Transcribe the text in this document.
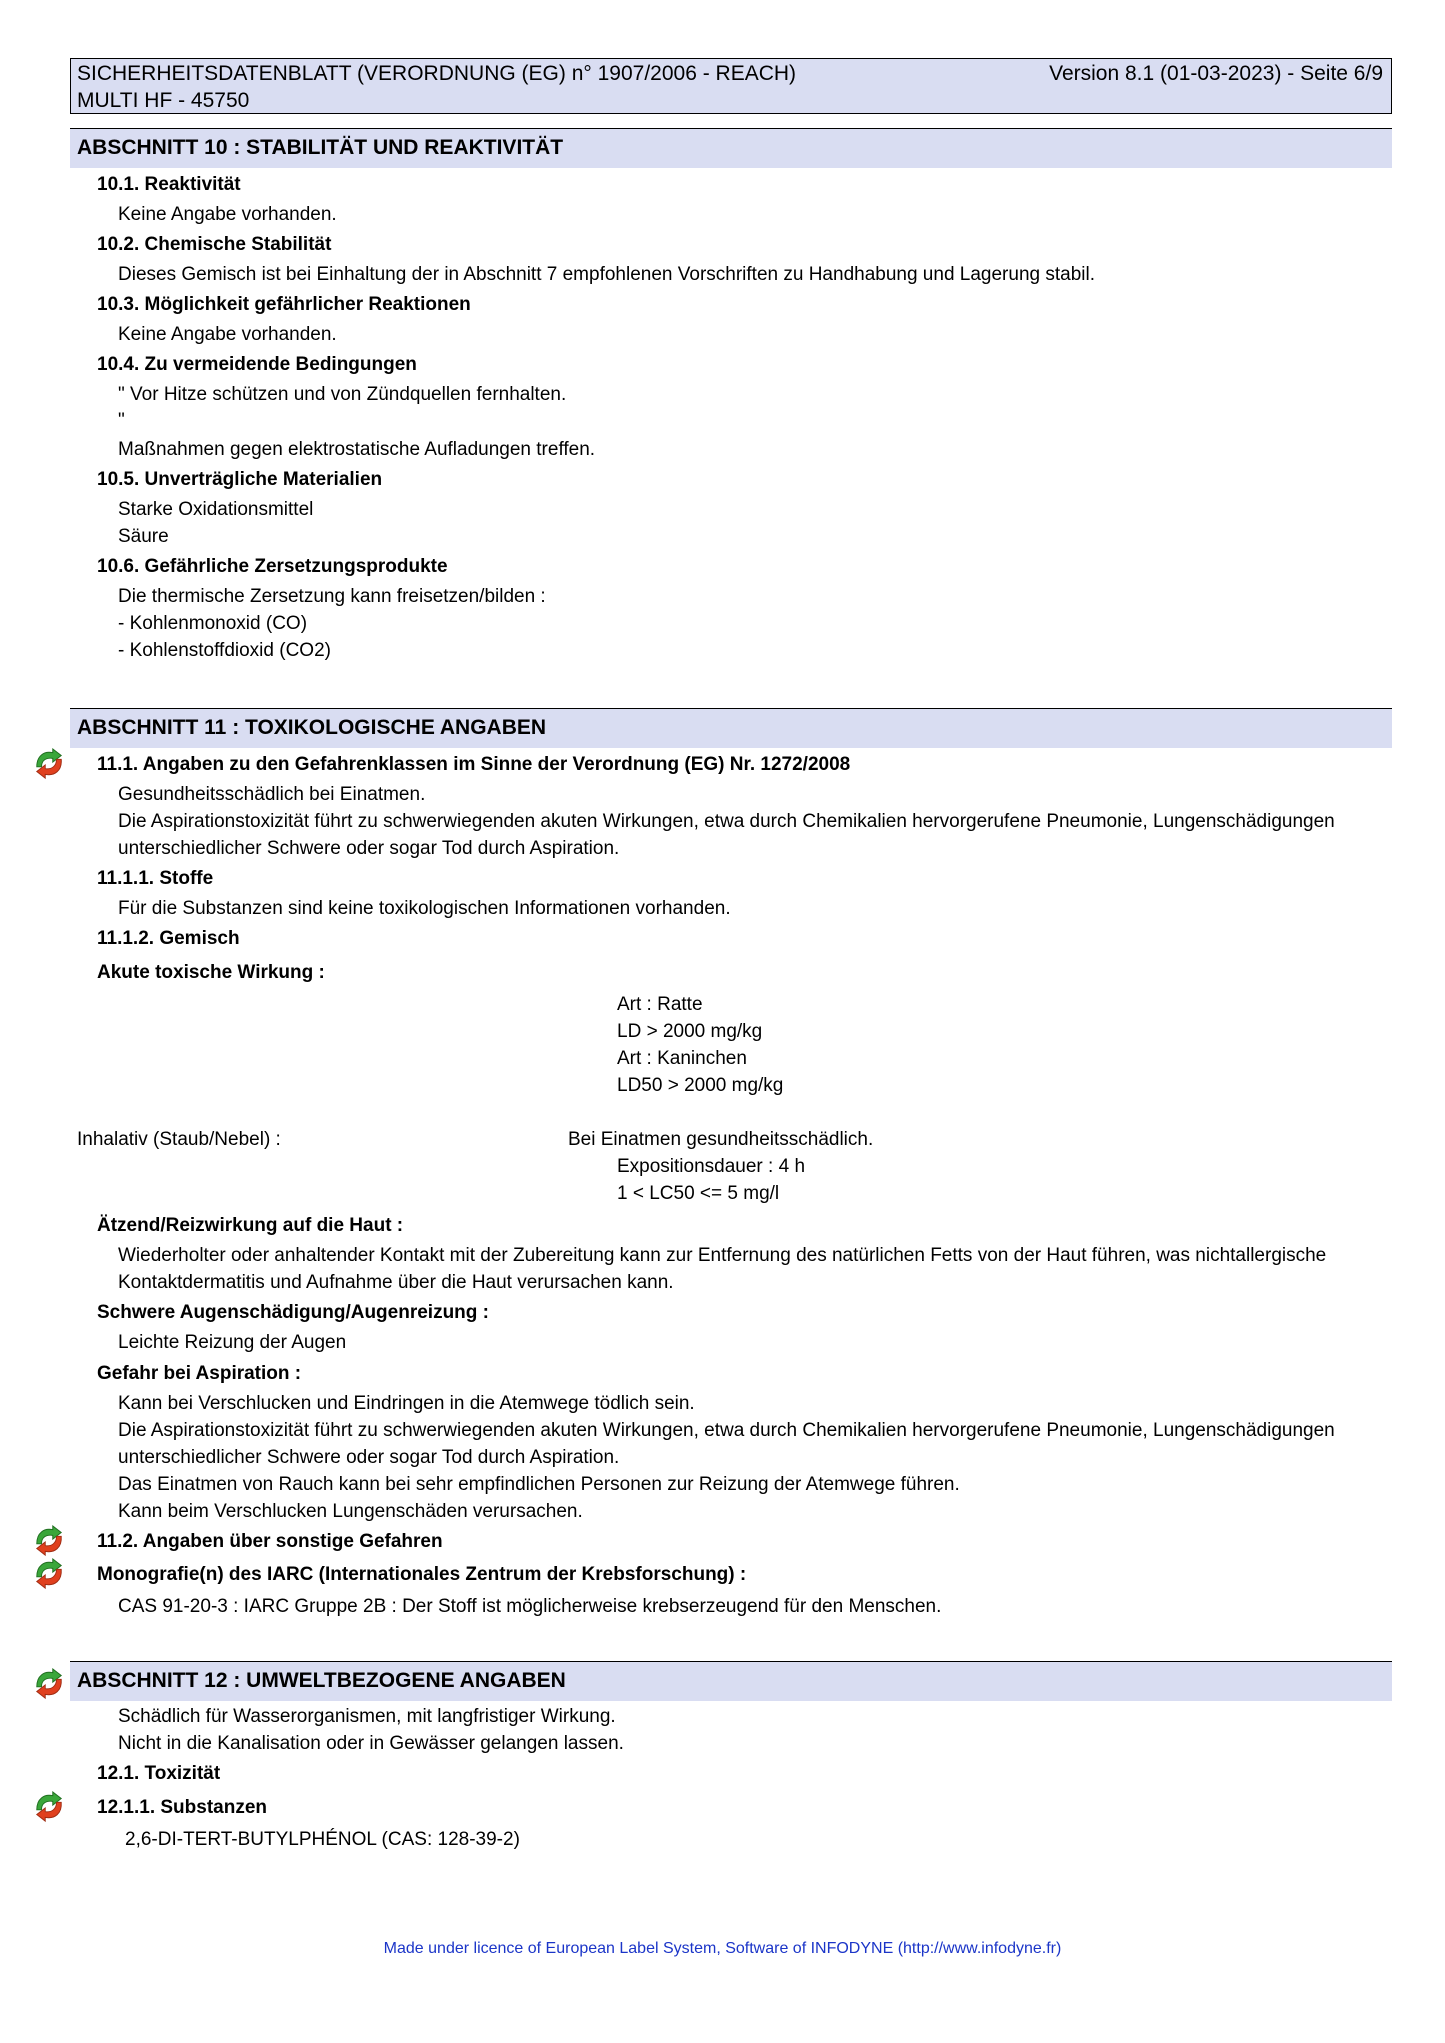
SICHERHEITSDATENBLATT (VERORDNUNG (EG) n° 1907/2006 - REACH)
MULTI HF - 45750
Version 8.1 (01-03-2023) - Seite 6/9
ABSCHNITT 10 : STABILITÄT UND REAKTIVITÄT
10.1. Reaktivität
Keine Angabe vorhanden.
10.2. Chemische Stabilität
Dieses Gemisch ist bei Einhaltung der in Abschnitt 7 empfohlenen Vorschriften zu Handhabung und Lagerung stabil.
10.3. Möglichkeit gefährlicher Reaktionen
Keine Angabe vorhanden.
10.4. Zu vermeidende Bedingungen
" Vor Hitze schützen und von Zündquellen fernhalten.
"
Maßnahmen gegen elektrostatische Aufladungen treffen.
10.5. Unverträgliche Materialien
Starke Oxidationsmittel
Säure
10.6. Gefährliche Zersetzungsprodukte
Die thermische Zersetzung kann freisetzen/bilden :
- Kohlenmonoxid (CO)
- Kohlenstoffdioxid (CO2)
ABSCHNITT 11 : TOXIKOLOGISCHE ANGABEN
11.1. Angaben zu den Gefahrenklassen im Sinne der Verordnung (EG) Nr. 1272/2008
Gesundheitsschädlich bei Einatmen.
Die Aspirationstoxizität führt zu schwerwiegenden akuten Wirkungen, etwa durch Chemikalien hervorgerufene Pneumonie, Lungenschädigungen
unterschiedlicher Schwere oder sogar Tod durch Aspiration.
11.1.1. Stoffe
Für die Substanzen sind keine toxikologischen Informationen vorhanden.
11.1.2. Gemisch
Akute toxische Wirkung :
Art : Ratte
LD > 2000 mg/kg
Art : Kaninchen
LD50 > 2000 mg/kg
Inhalativ (Staub/Nebel) :	Bei Einatmen gesundheitsschädlich.
Expositionsdauer : 4 h
1 < LC50 <= 5 mg/l
Ätzend/Reizwirkung auf die Haut :
Wiederholter oder anhaltender Kontakt mit der Zubereitung kann zur Entfernung des natürlichen Fetts von der Haut führen, was nichtallergische
Kontaktdermatitis und Aufnahme über die Haut verursachen kann.
Schwere Augenschädigung/Augenreizung :
Leichte Reizung der Augen
Gefahr bei Aspiration :
Kann bei Verschlucken und Eindringen in die Atemwege tödlich sein.
Die Aspirationstoxizität führt zu schwerwiegenden akuten Wirkungen, etwa durch Chemikalien hervorgerufene Pneumonie, Lungenschädigungen
unterschiedlicher Schwere oder sogar Tod durch Aspiration.
Das Einatmen von Rauch kann bei sehr empfindlichen Personen zur Reizung der Atemwege führen.
Kann beim Verschlucken Lungenschäden verursachen.
11.2. Angaben über sonstige Gefahren
Monografie(n) des IARC (Internationales Zentrum der Krebsforschung) :
CAS 91-20-3 : IARC Gruppe 2B : Der Stoff ist möglicherweise krebserzeugend für den Menschen.
ABSCHNITT 12 : UMWELTBEZOGENE ANGABEN
Schädlich für Wasserorganismen, mit langfristiger Wirkung.
Nicht in die Kanalisation oder in Gewässer gelangen lassen.
12.1. Toxizität
12.1.1. Substanzen
2,6-DI-TERT-BUTYLPHÉNOL (CAS: 128-39-2)
Made under licence of European Label System, Software of INFODYNE (http://www.infodyne.fr)
